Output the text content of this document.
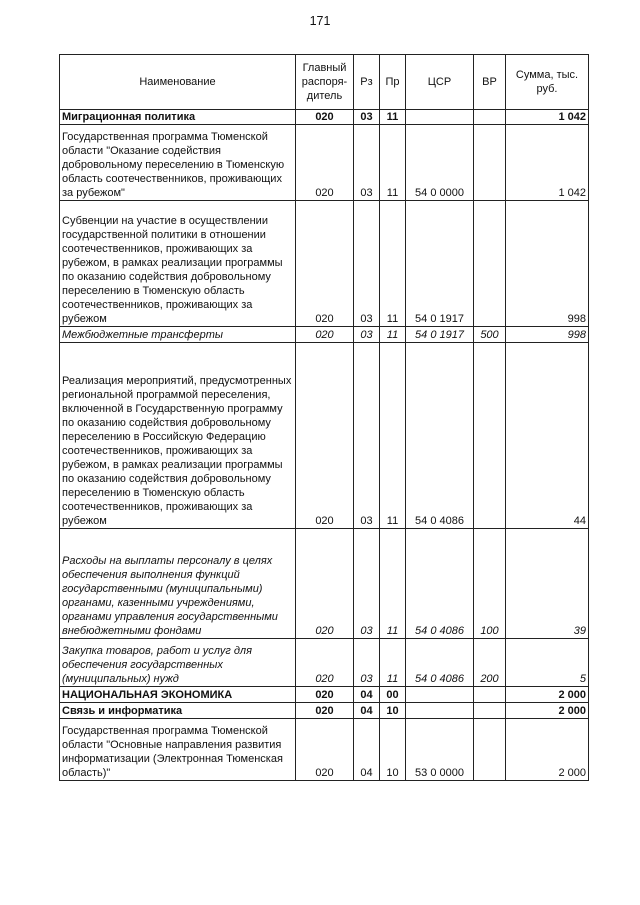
171
Наименование	Главный распоря- дитель	Рз	Пр	ЦСР	ВР	Сумма, тыс. руб.
Миграционная политика	020	03	11			1 042
Государственная программа Тюменской области "Оказание содействия добровольному переселению в Тюменскую область соотечественников, проживающих за рубежом"	020	03	11	54 0 0000		1 042
Субвенции на участие в осуществлении государственной политики в отношении соотечественников, проживающих за рубежом, в рамках реализации программы по оказанию содействия добровольному переселению в Тюменскую область соотечественников, проживающих за рубежом	020	03	11	54 0 1917		998
Межбюджетные трансферты	020	03	11	54 0 1917	500	998
Реализация мероприятий, предусмотренных региональной программой переселения, включенной в Государственную программу по оказанию содействия добровольному переселению в Российскую Федерацию соотечественников, проживающих за рубежом, в рамках реализации программы по оказанию содействия добровольному переселению в Тюменскую область соотечественников, проживающих за рубежом	020	03	11	54 0 4086		44
Расходы на выплаты персоналу в целях обеспечения выполнения функций государственными (муниципальными) органами, казенными учреждениями, органами управления государственными внебюджетными фондами	020	03	11	54 0 4086	100	39
Закупка товаров, работ и услуг для обеспечения государственных (муниципальных) нужд	020	03	11	54 0 4086	200	5
НАЦИОНАЛЬНАЯ ЭКОНОМИКА	020	04	00			2 000
Связь и информатика	020	04	10			2 000
Государственная программа Тюменской области "Основные направления развития информатизации (Электронная Тюменская область)"	020	04	10	53 0 0000		2 000
